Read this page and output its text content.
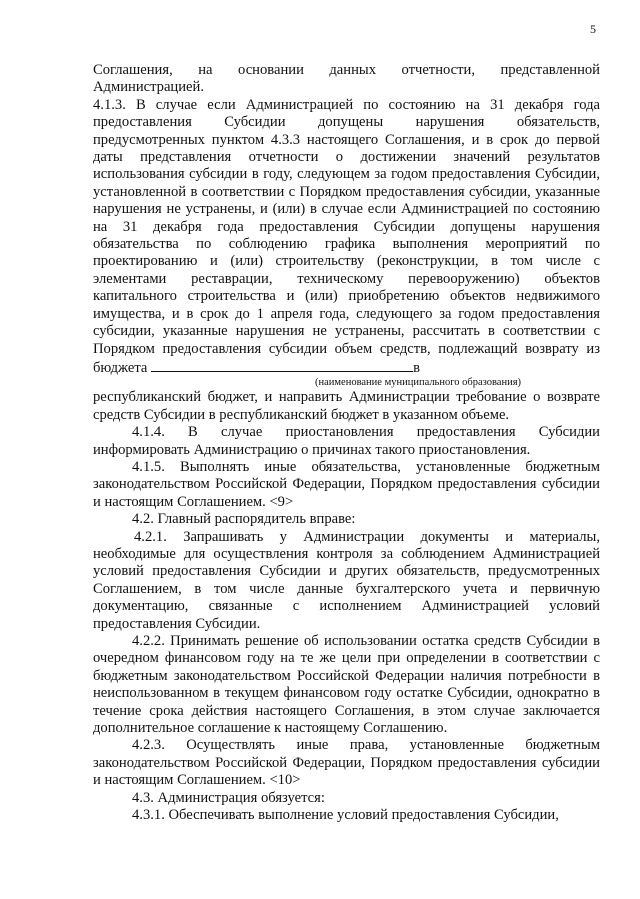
5

Соглашения, на основании данных отчетности, представленной Администрацией.

4.1.3. В случае если Администрацией по состоянию на 31 декабря года предоставления Субсидии допущены нарушения обязательств, предусмотренных пунктом 4.3.3 настоящего Соглашения, и в срок до первой даты представления отчетности о достижении значений результатов использования субсидии в году, следующем за годом предоставления Субсидии, установленной в соответствии с Порядком предоставления субсидии, указанные нарушения не устранены, и (или) в случае если Администрацией по состоянию на 31 декабря года предоставления Субсидии допущены нарушения обязательства по соблюдению графика выполнения мероприятий по проектированию и (или) строительству (реконструкции, в том числе с элементами реставрации, техническому перевооружению) объектов капитального строительства и (или) приобретению объектов недвижимого имущества, и в срок до 1 апреля года, следующего за годом предоставления субсидии, указанные нарушения не устранены, рассчитать в соответствии с Порядком предоставления субсидии объем средств, подлежащий возврату из бюджета	в

(наименование муниципального образования)

республиканский бюджет, и направить Администрации требование о возврате средств Субсидии в республиканский бюджет в указанном объеме.

4.1.4. В случае приостановления предоставления Субсидии информировать Администрацию о причинах такого приостановления.

4.1.5. Выполнять иные обязательства, установленные бюджетным законодательством Российской Федерации, Порядком предоставления субсидии и настоящим Соглашением. <9>

4.2. Главный распорядитель вправе:

4.2.1. Запрашивать у Администрации документы и материалы, необходимые для осуществления контроля за соблюдением Администрацией условий предоставления Субсидии и других обязательств, предусмотренных Соглашением, в том числе данные бухгалтерского учета и первичную документацию, связанные с исполнением Администрацией условий предоставления Субсидии.

4.2.2. Принимать решение об использовании остатка средств Субсидии в очередном финансовом году на те же цели при определении в соответствии с бюджетным законодательством Российской Федерации наличия потребности в неиспользованном в текущем финансовом году остатке Субсидии, однократно в течение срока действия настоящего Соглашения, в этом случае заключается дополнительное соглашение к настоящему Соглашению.

4.2.3. Осуществлять иные права, установленные бюджетным законодательством Российской Федерации, Порядком предоставления субсидии и настоящим Соглашением. <10>

4.3. Администрация обязуется:

4.3.1. Обеспечивать выполнение условий предоставления Субсидии,
